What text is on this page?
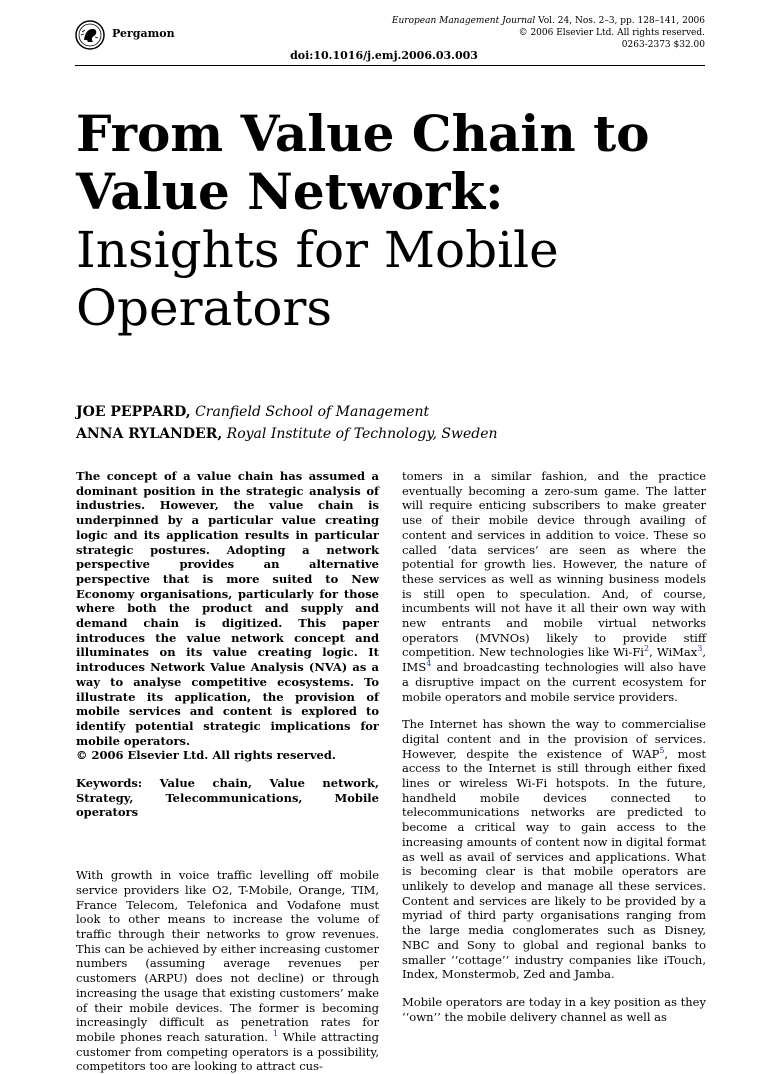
Pergamon
European Management Journal Vol. 24, Nos. 2–3, pp. 128–141, 2006
© 2006 Elsevier Ltd. All rights reserved.
0263-2373 $32.00
doi:10.1016/j.emj.2006.03.003
From Value Chain to
Value Network:
Insights for Mobile
Operators
JOE PEPPARD, Cranfield School of Management
ANNA RYLANDER, Royal Institute of Technology, Sweden

The concept of a value chain has assumed a dominant position in the strategic analysis of industries. However, the value chain is underpinned by a particular value creating logic and its application results in particular strategic postures. Adopting a network perspective provides an alternative perspective that is more suited to New Economy organisations, particularly for those where both the product and supply and demand chain is digitized. This paper introduces the value network concept and illuminates on its value creating logic. It introduces Network Value Analysis (NVA) as a way to analyse competitive ecosystems. To illustrate its application, the provision of mobile services and content is explored to identify potential strategic implications for mobile operators.

© 2006 Elsevier Ltd. All rights reserved.

Keywords: Value chain, Value network, Strategy, Telecommunications, Mobile operators

With growth in voice traffic levelling off mobile service providers like O2, T-Mobile, Orange, TIM, France Telecom, Telefonica and Vodafone must look to other means to increase the volume of traffic through their networks to grow revenues. This can be achieved by either increasing customer numbers (assuming average revenues per customers (ARPU) does not decline) or through increasing the usage that existing customers’ make of their mobile devices. The former is becoming increasingly difficult as penetration rates for mobile phones reach saturation. $^1$ While attracting customer from competing operators is a possibility, competitors too are looking to attract cus-

tomers in a similar fashion, and the practice eventually becoming a zero-sum game. The latter will require enticing subscribers to make greater use of their mobile device through availing of content and services in addition to voice. These so called ‘data services’ are seen as where the potential for growth lies. However, the nature of these services as well as winning business models is still open to speculation. And, of course, incumbents will not have it all their own way with new entrants and mobile virtual networks operators (MVNOs) likely to provide stiff competition. New technologies like Wi-Fi$^2$, WiMax$^3$, IMS$^4$ and broadcasting technologies will also have a disruptive impact on the current ecosystem for mobile operators and mobile service providers.

The Internet has shown the way to commercialise digital content and in the provision of services. However, despite the existence of WAP$^5$, most access to the Internet is still through either fixed lines or wireless Wi-Fi hotspots. In the future, handheld mobile devices connected to telecommunications networks are predicted to become a critical way to gain access to the increasing amounts of content now in digital format as well as avail of services and applications. What is becoming clear is that mobile operators are unlikely to develop and manage all these services. Content and services are likely to be provided by a myriad of third party organisations ranging from the large media conglomerates such as Disney, NBC and Sony to global and regional banks to smaller ‘‘cottage’’ industry companies like iTouch, Index, Monstermob, Zed and Jamba.

Mobile operators are today in a key position as they ‘‘own’’ the mobile delivery channel as well as
